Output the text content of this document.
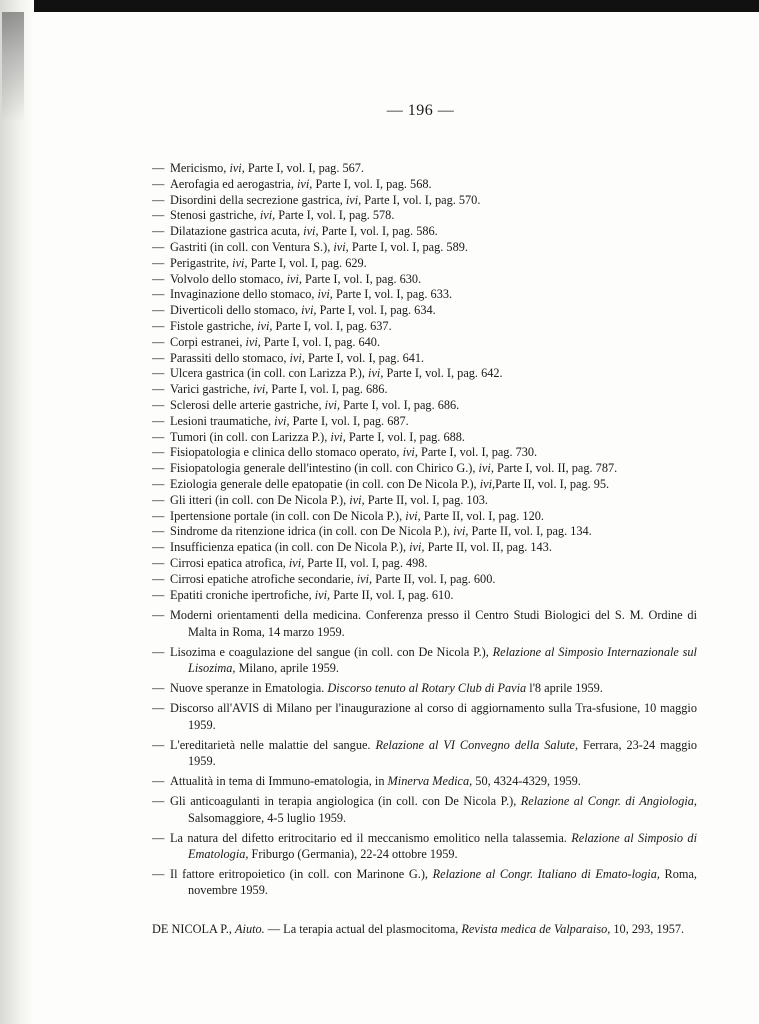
— 196 —
— Mericismo, ivi, Parte I, vol. I, pag. 567.
— Aerofagia ed aerogastria, ivi, Parte I, vol. I, pag. 568.
— Disordini della secrezione gastrica, ivi, Parte I, vol. I, pag. 570.
— Stenosi gastriche, ivi, Parte I, vol. I, pag. 578.
— Dilatazione gastrica acuta, ivi, Parte I, vol. I, pag. 586.
— Gastriti (in coll. con Ventura S.), ivi, Parte I, vol. I, pag. 589.
— Perigastrite, ivi, Parte I, vol. I, pag. 629.
— Volvolo dello stomaco, ivi, Parte I, vol. I, pag. 630.
— Invaginazione dello stomaco, ivi, Parte I, vol. I, pag. 633.
— Diverticoli dello stomaco, ivi, Parte I, vol. I, pag. 634.
— Fistole gastriche, ivi, Parte I, vol. I, pag. 637.
— Corpi estranei, ivi, Parte I, vol. I, pag. 640.
— Parassiti dello stomaco, ivi, Parte I, vol. I, pag. 641.
— Ulcera gastrica (in coll. con Larizza P.), ivi, Parte I, vol. I, pag. 642.
— Varici gastriche, ivi, Parte I, vol. I, pag. 686.
— Sclerosi delle arterie gastriche, ivi, Parte I, vol. I, pag. 686.
— Lesioni traumatiche, ivi, Parte I, vol. I, pag. 687.
— Tumori (in coll. con Larizza P.), ivi, Parte I, vol. I, pag. 688.
— Fisiopatologia e clinica dello stomaco operato, ivi, Parte I, vol. I, pag. 730.
— Fisiopatologia generale dell'intestino (in coll. con Chirico G.), ivi, Parte I, vol. II, pag. 787.
— Eziologia generale delle epatopatie (in coll. con De Nicola P.), ivi,Parte II, vol. I, pag. 95.
— Gli itteri (in coll. con De Nicola P.), ivi, Parte II, vol. I, pag. 103.
— Ipertensione portale (in coll. con De Nicola P.), ivi, Parte II, vol. I, pag. 120.
— Sindrome da ritenzione idrica (in coll. con De Nicola P.), ivi, Parte II, vol. I, pag. 134.
— Insufficienza epatica (in coll. con De Nicola P.), ivi, Parte II, vol. II, pag. 143.
— Cirrosi epatica atrofica, ivi, Parte II, vol. I, pag. 498.
— Cirrosi epatiche atrofiche secondarie, ivi, Parte II, vol. I, pag. 600.
— Epatiti croniche ipertrofiche, ivi, Parte II, vol. I, pag. 610.
— Moderni orientamenti della medicina. Conferenza presso il Centro Studi Biologici del S. M. Ordine di Malta in Roma, 14 marzo 1959.
— Lisozima e coagulazione del sangue (in coll. con De Nicola P.), Relazione al Simposio Internazionale sul Lisozima, Milano, aprile 1959.
— Nuove speranze in Ematologia. Discorso tenuto al Rotary Club di Pavia l'8 aprile 1959.
— Discorso all'AVIS di Milano per l'inaugurazione al corso di aggiornamento sulla Tra-sfusione, 10 maggio 1959.
— L'ereditarietà nelle malattie del sangue. Relazione al VI Convegno della Salute, Ferrara, 23-24 maggio 1959.
— Attualità in tema di Immuno-ematologia, in Minerva Medica, 50, 4324-4329, 1959.
— Gli anticoagulanti in terapia angiologica (in coll. con De Nicola P.), Relazione al Congr. di Angiologia, Salsomaggiore, 4-5 luglio 1959.
— La natura del difetto eritrocitario ed il meccanismo emolitico nella talassemia. Relazione al Simposio di Ematologia, Friburgo (Germania), 22-24 ottobre 1959.
— Il fattore eritropoietico (in coll. con Marinone G.), Relazione al Congr. Italiano di Emato-logia, Roma, novembre 1959.
DE NICOLA P., Aiuto. — La terapia actual del plasmocitoma, Revista medica de Valparaiso, 10, 293, 1957.
